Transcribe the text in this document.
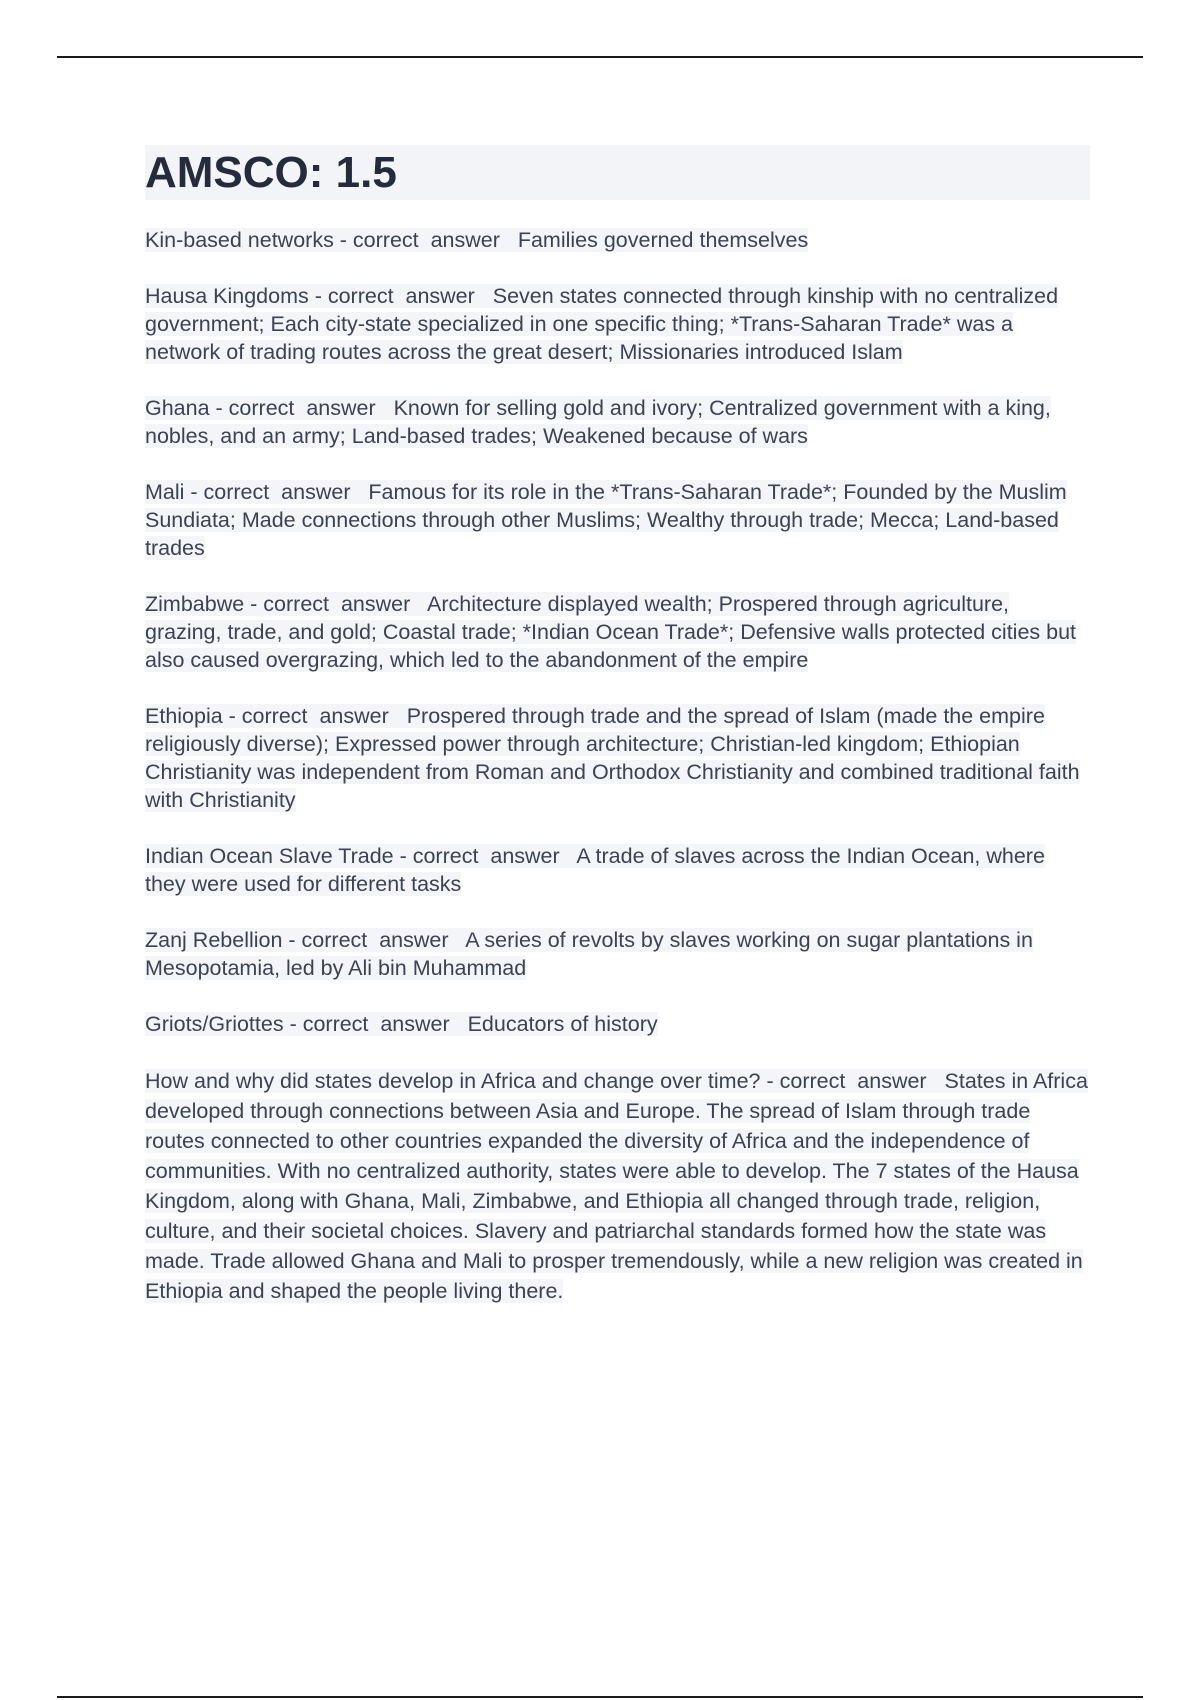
AMSCO: 1.5
Kin-based networks - correct  answer   Families governed themselves
Hausa Kingdoms - correct  answer   Seven states connected through kinship with no centralized government; Each city-state specialized in one specific thing; *Trans-Saharan Trade* was a network of trading routes across the great desert; Missionaries introduced Islam
Ghana - correct  answer   Known for selling gold and ivory; Centralized government with a king, nobles, and an army; Land-based trades; Weakened because of wars
Mali - correct  answer   Famous for its role in the *Trans-Saharan Trade*; Founded by the Muslim Sundiata; Made connections through other Muslims; Wealthy through trade; Mecca; Land-based trades
Zimbabwe - correct  answer   Architecture displayed wealth; Prospered through agriculture, grazing, trade, and gold; Coastal trade; *Indian Ocean Trade*; Defensive walls protected cities but also caused overgrazing, which led to the abandonment of the empire
Ethiopia - correct  answer   Prospered through trade and the spread of Islam (made the empire religiously diverse); Expressed power through architecture; Christian-led kingdom; Ethiopian Christianity was independent from Roman and Orthodox Christianity and combined traditional faith with Christianity
Indian Ocean Slave Trade - correct  answer   A trade of slaves across the Indian Ocean, where they were used for different tasks
Zanj Rebellion - correct  answer   A series of revolts by slaves working on sugar plantations in Mesopotamia, led by Ali bin Muhammad
Griots/Griottes - correct  answer   Educators of history
How and why did states develop in Africa and change over time? - correct  answer   States in Africa developed through connections between Asia and Europe. The spread of Islam through trade routes connected to other countries expanded the diversity of Africa and the independence of communities. With no centralized authority, states were able to develop. The 7 states of the Hausa Kingdom, along with Ghana, Mali, Zimbabwe, and Ethiopia all changed through trade, religion, culture, and their societal choices. Slavery and patriarchal standards formed how the state was made. Trade allowed Ghana and Mali to prosper tremendously, while a new religion was created in Ethiopia and shaped the people living there.
